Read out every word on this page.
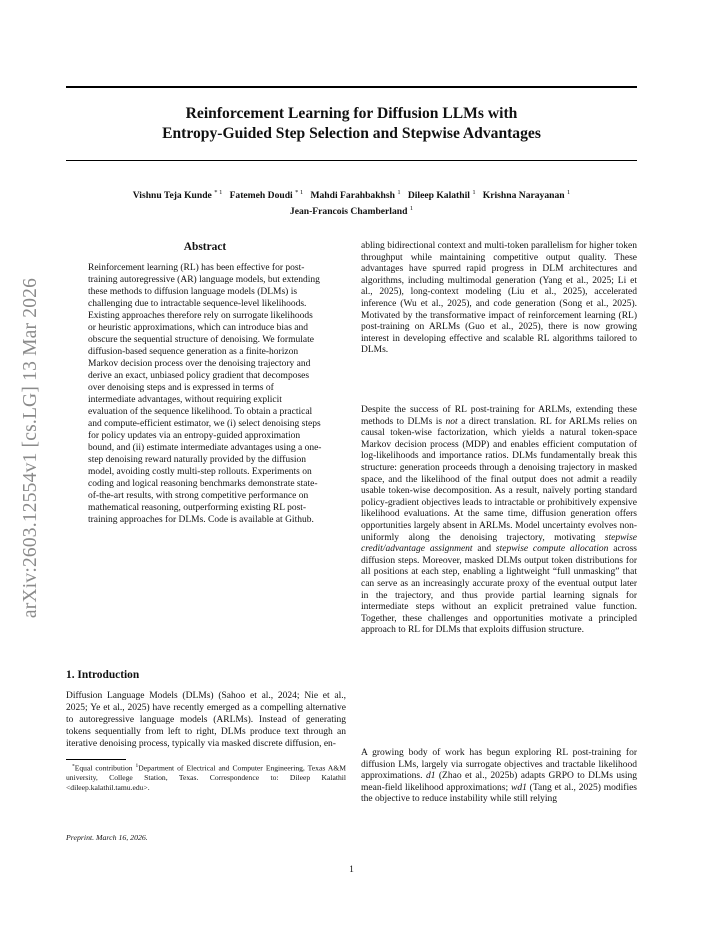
arXiv:2603.12554v1 [cs.LG] 13 Mar 2026
Reinforcement Learning for Diffusion LLMs with
Entropy-Guided Step Selection and Stepwise Advantages
Vishnu Teja Kunde $^{* 1}$ Fatemeh Doudi $^{* 1}$ Mahdi Farahbakhsh $^1$ Dileep Kalathil $^1$ Krishna Narayanan $^1$
Jean-Francois Chamberland $^1$
Abstract
Reinforcement learning (RL) has been effective for post-training autoregressive (AR) language models, but extending these methods to diffusion language models (DLMs) is challenging due to intractable sequence-level likelihoods. Existing approaches therefore rely on surrogate likelihoods or heuristic approximations, which can introduce bias and obscure the sequential structure of denoising. We formulate diffusion-based sequence generation as a finite-horizon Markov decision process over the denoising trajectory and derive an exact, unbiased policy gradient that decomposes over denoising steps and is expressed in terms of intermediate advantages, without requiring explicit evaluation of the sequence likelihood. To obtain a practical and compute-efficient estimator, we (i) select denoising steps for policy updates via an entropy-guided approximation bound, and (ii) estimate intermediate advantages using a one-step denoising reward naturally provided by the diffusion model, avoiding costly multi-step rollouts. Experiments on coding and logical reasoning benchmarks demonstrate state-of-the-art results, with strong competitive performance on mathematical reasoning, outperforming existing RL post-training approaches for DLMs. Code is available at Github.
1. Introduction
Diffusion Language Models (DLMs) (Sahoo et al., 2024; Nie et al., 2025; Ye et al., 2025) have recently emerged as a compelling alternative to autoregressive language models (ARLMs). Instead of generating tokens sequentially from left to right, DLMs produce text through an iterative denoising process, typically via masked discrete diffusion, en-
*Equal contribution $^1$Department of Electrical and Computer Engineering, Texas A&M university, College Station, Texas. Correspondence to: Dileep Kalathil <dileep.kalathil.tamu.edu>.
Preprint. March 16, 2026.
abling bidirectional context and multi-token parallelism for higher token throughput while maintaining competitive output quality. These advantages have spurred rapid progress in DLM architectures and algorithms, including multimodal generation (Yang et al., 2025; Li et al., 2025), long-context modeling (Liu et al., 2025), accelerated inference (Wu et al., 2025), and code generation (Song et al., 2025). Motivated by the transformative impact of reinforcement learning (RL) post-training on ARLMs (Guo et al., 2025), there is now growing interest in developing effective and scalable RL algorithms tailored to DLMs.
Despite the success of RL post-training for ARLMs, extending these methods to DLMs is not a direct translation. RL for ARLMs relies on causal token-wise factorization, which yields a natural token-space Markov decision process (MDP) and enables efficient computation of log-likelihoods and importance ratios. DLMs fundamentally break this structure: generation proceeds through a denoising trajectory in masked space, and the likelihood of the final output does not admit a readily usable token-wise decomposition. As a result, naïvely porting standard policy-gradient objectives leads to intractable or prohibitively expensive likelihood evaluations. At the same time, diffusion generation offers opportunities largely absent in ARLMs. Model uncertainty evolves non-uniformly along the denoising trajectory, motivating stepwise credit/advantage assignment and stepwise compute allocation across diffusion steps. Moreover, masked DLMs output token distributions for all positions at each step, enabling a lightweight “full unmasking” that can serve as an increasingly accurate proxy of the eventual output later in the trajectory, and thus provide partial learning signals for intermediate steps without an explicit pretrained value function. Together, these challenges and opportunities motivate a principled approach to RL for DLMs that exploits diffusion structure.
A growing body of work has begun exploring RL post-training for diffusion LMs, largely via surrogate objectives and tractable likelihood approximations. d1 (Zhao et al., 2025b) adapts GRPO to DLMs using mean-field likelihood approximations; wd1 (Tang et al., 2025) modifies the objective to reduce instability while still relying
1
